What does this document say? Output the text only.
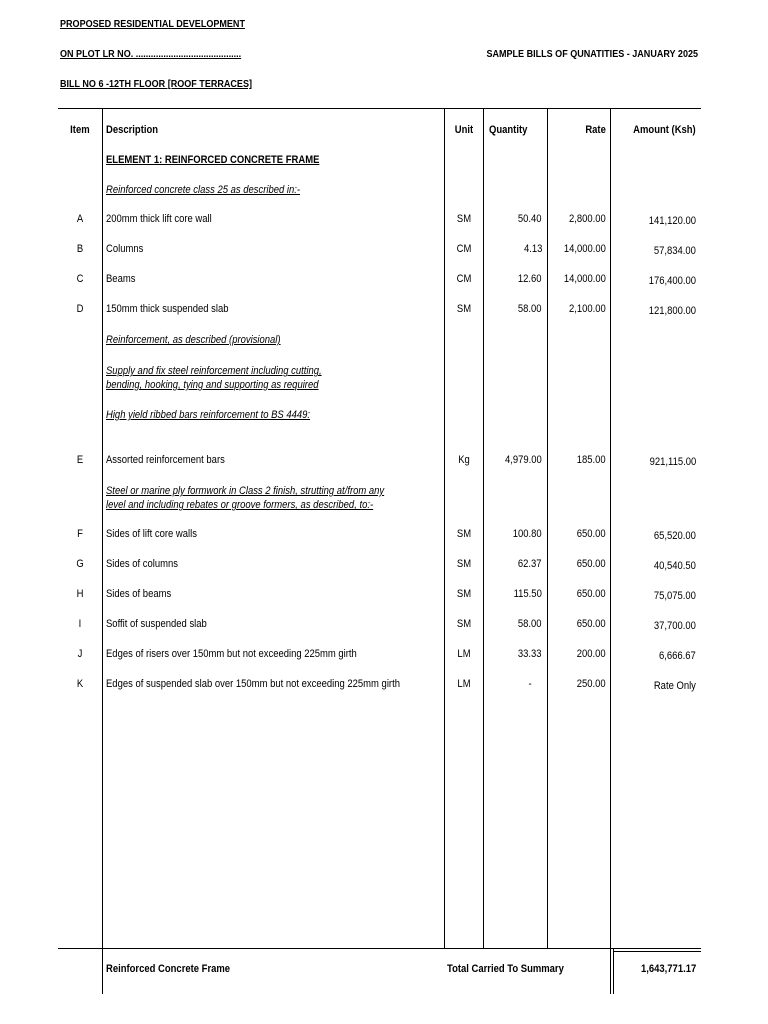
PROPOSED RESIDENTIAL DEVELOPMENT
ON PLOT LR NO. ..........................................	SAMPLE BILLS OF QUNATITIES - JANUARY 2025
BILL NO 6 -12TH FLOOR [ROOF TERRACES]
Item Description	Unit	Quantity	Rate Amount (Ksh)
ELEMENT 1: REINFORCED CONCRETE FRAME
Reinforced concrete class 25 as described in:-
Reinforcement, as described (provisional)
Supply and fix steel reinforcement including cutting,
bending, hooking, tying and supporting as required
High yield ribbed bars reinforcement to BS 4449:
Steel or marine ply formwork in Class 2 finish, strutting at/from any
level and including rebates or groove formers, as described, to:-
A	200mm thick lift core wall	SM	50.40 2,800.00	141,120.00
B	Columns	CM	4.13 14,000.00	57,834.00
C	Beams	CM	12.60 14,000.00	176,400.00
D	150mm thick suspended slab	SM	58.00 2,100.00	121,800.00
E	Assorted reinforcement bars	Kg	4,979.00	185.00	921,115.00
F	Sides of lift core walls	SM	100.80	650.00	65,520.00
G	Sides of columns	SM	62.37	650.00	40,540.50
H	Sides of beams	SM	115.50	650.00	75,075.00
I	Soffit of suspended slab	SM	58.00	650.00	37,700.00
J	Edges of risers over 150mm but not exceeding 225mm girth	LM	33.33	200.00	6,666.67
K	Edges of suspended slab over 150mm but not exceeding 225mm girth	LM	-	250.00	Rate Only
Reinforced Concrete Frame	Total Carried To Summary	1,643,771.17
